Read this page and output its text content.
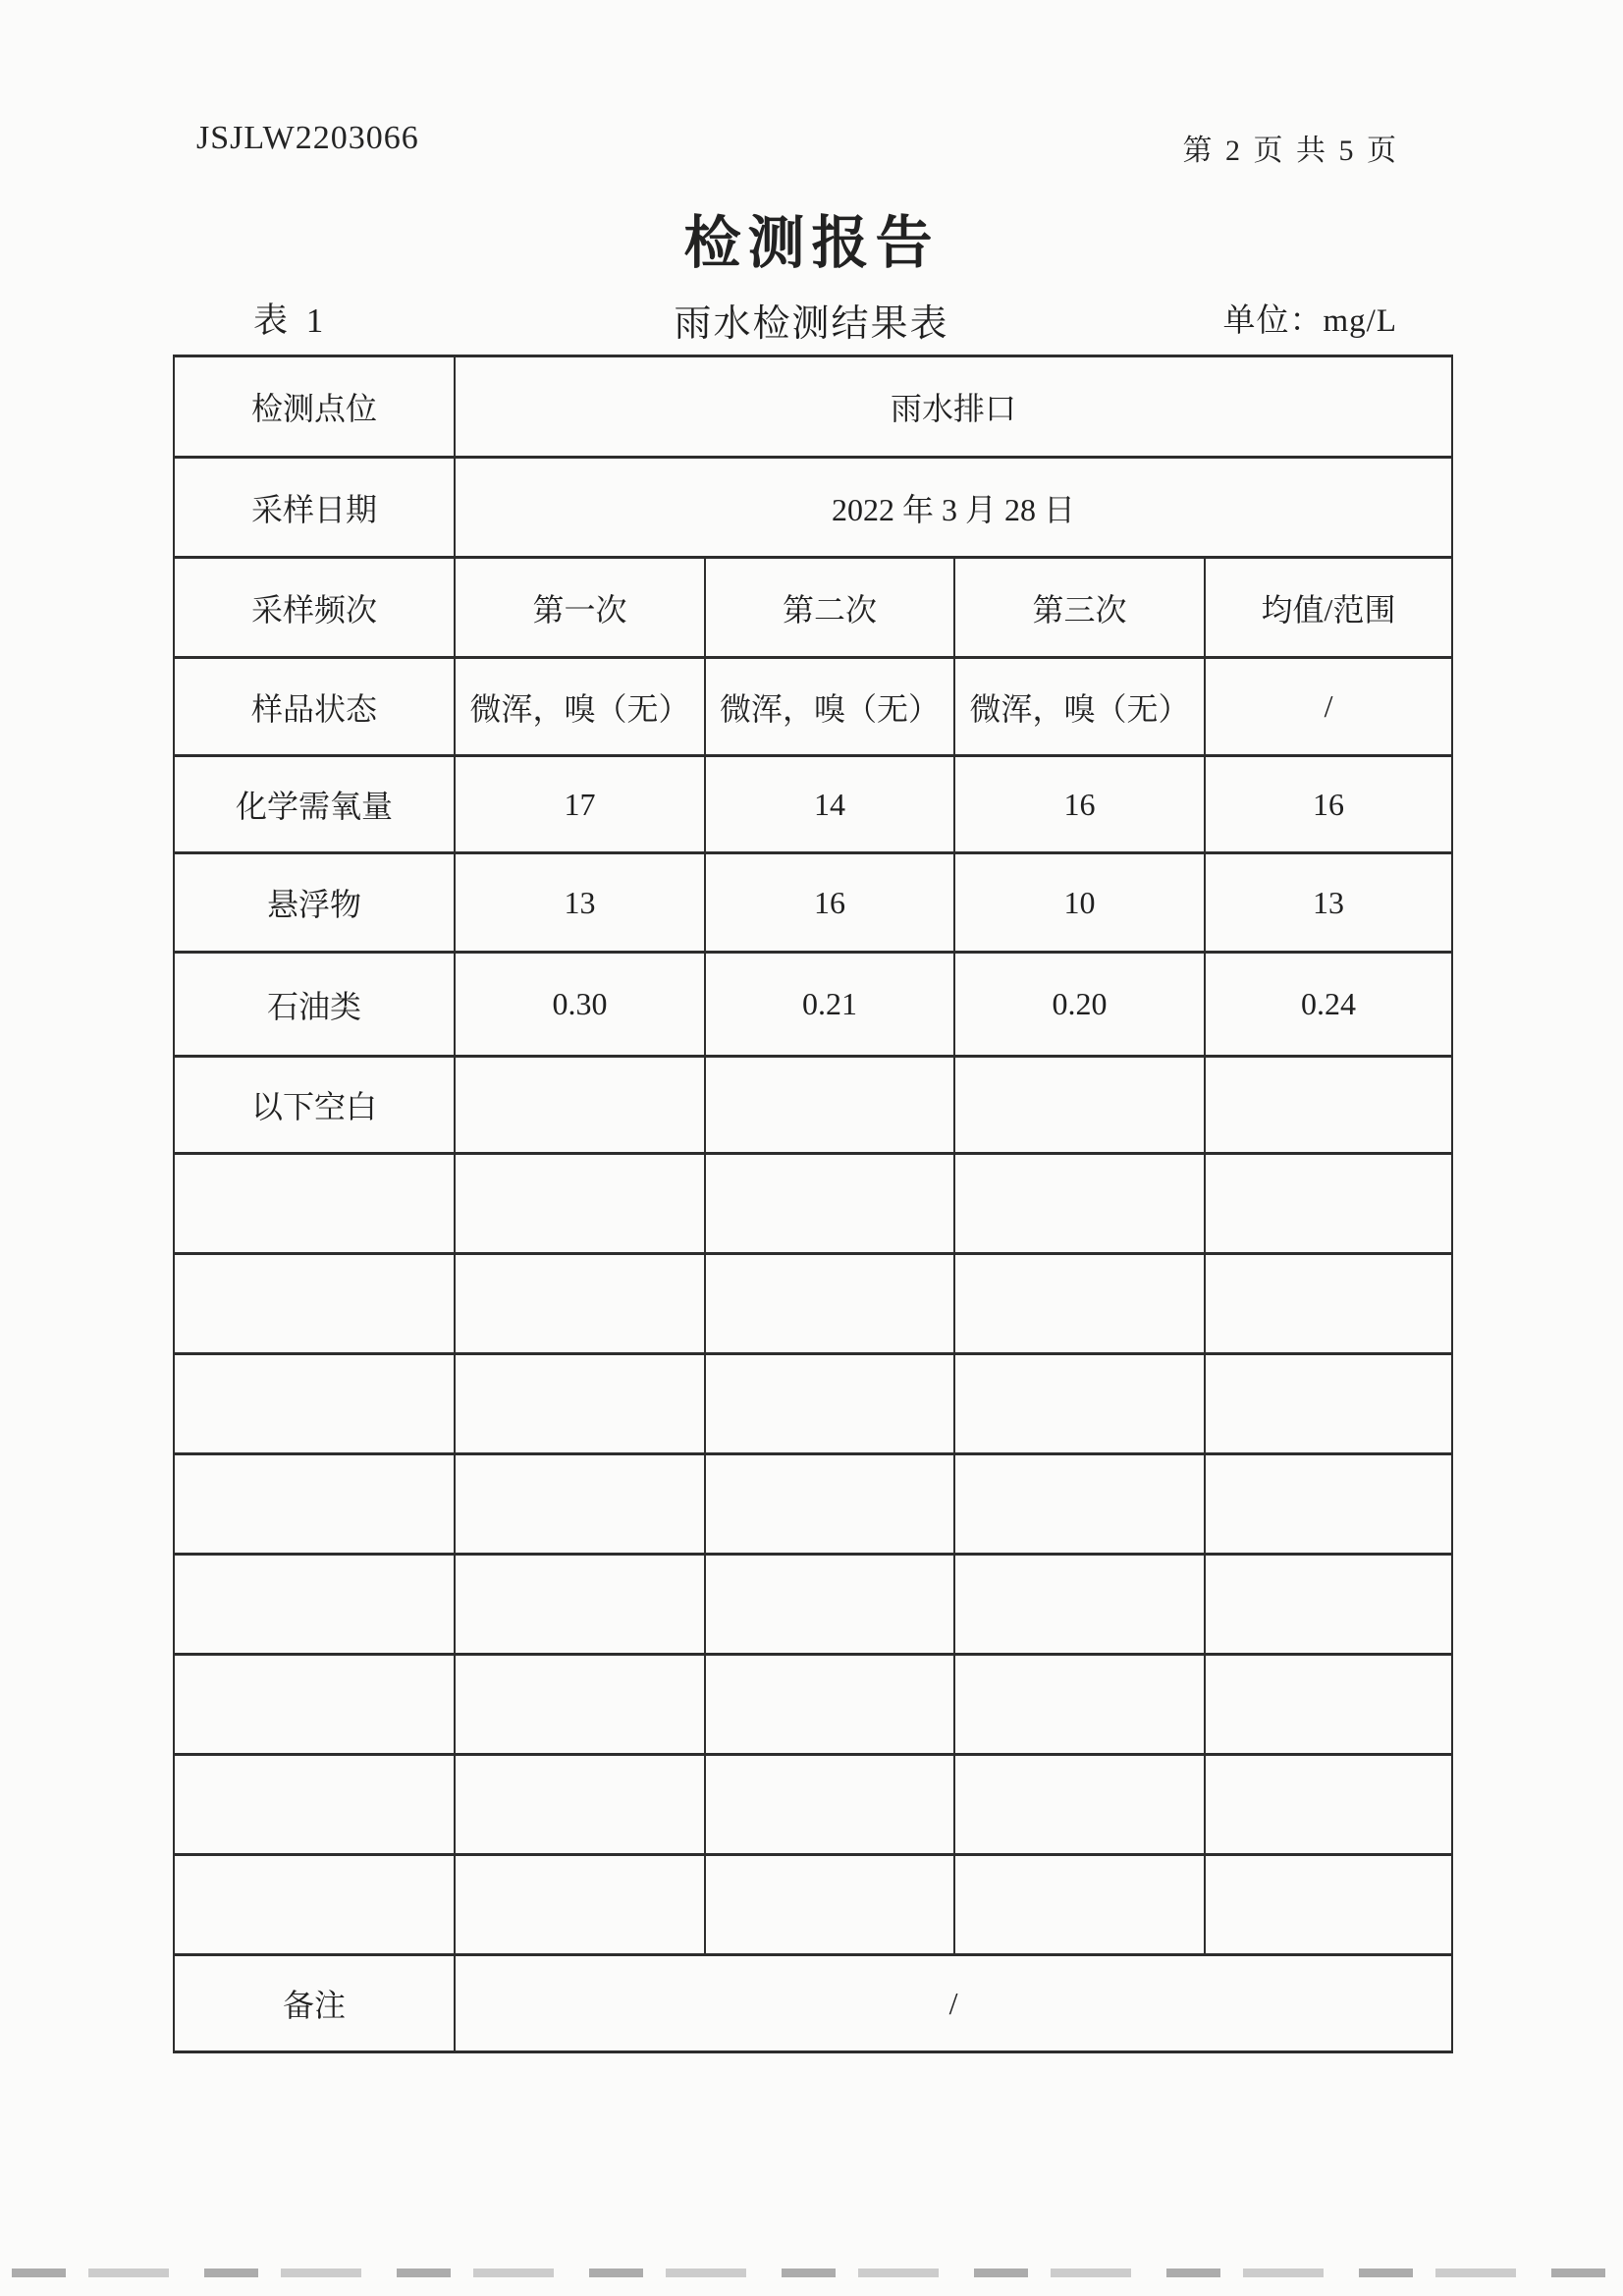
JSJLW2203066	第 2 页 共 5 页
检测报告
表 1	雨水检测结果表	单位：mg/L
检测点位	雨水排口			
采样日期	2022 年 3 月 28 日			
采样频次	第一次	第二次	第三次	均值/范围
样品状态	微浑，嗅（无）	微浑，嗅（无）	微浑，嗅（无）	/
化学需氧量	17	14	16	16
悬浮物	13	16	10	13
石油类	0.30	0.21	0.20	0.24
以下空白				

备注	/			
